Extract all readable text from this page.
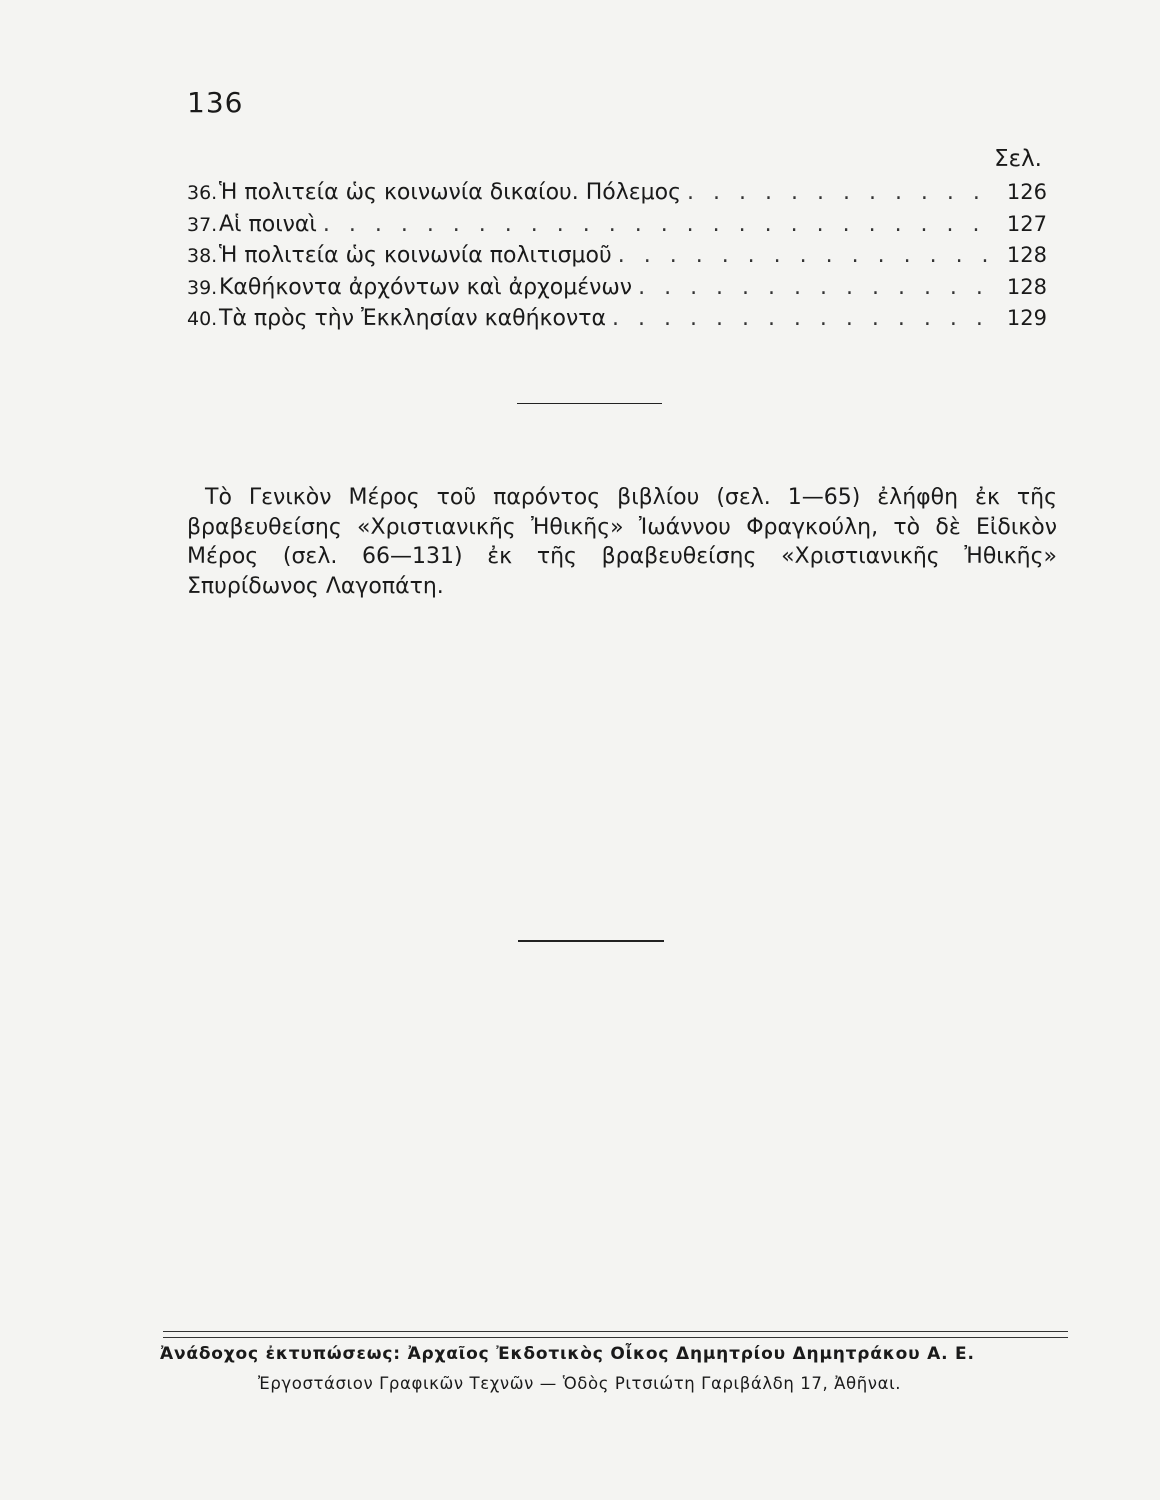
136
Σελ.
36. Ἡ πολιτεία ὡς κοινωνία δικαίου. Πόλεμος . . .	126
37. Αἱ ποιναὶ . . .	127
38. Ἡ πολιτεία ὡς κοινωνία πολιτισμοῦ . . .	128
39. Καθήκοντα ἀρχόντων καὶ ἀρχομένων . . .	128
40. Τὰ πρὸς τὴν Ἐκκλησίαν καθήκοντα . . .	129

Τὸ Γενικὸν Μέρος τοῦ παρόντος βιβλίου (σελ. 1—65) ἐλήφθη ἐκ τῆς βραβευθείσης «Χριστιανικῆς Ἠθικῆς» Ἰωάννου Φραγκούλη, τὸ δὲ Εἰδικὸν Μέρος (σελ. 66—131) ἐκ τῆς βραβευθείσης «Χριστιανικῆς Ἠθικῆς» Σπυρίδωνος Λαγοπάτη.

Ἀνάδοχος ἐκτυπώσεως: Ἀρχαῖος Ἐκδοτικὸς Οἶκος Δημητρίου Δημητράκου Α. Ε.
Ἐργοστάσιον Γραφικῶν Τεχνῶν — Ὁδὸς Ριτσιώτη Γαριβάλδη 17, Ἀθῆναι.
